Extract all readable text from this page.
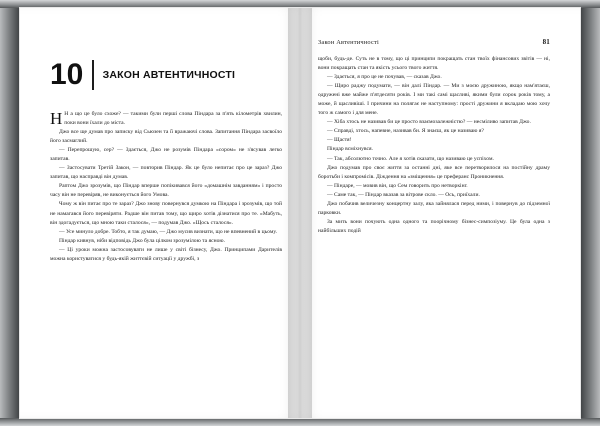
10	ЗАКОН АВТЕНТИЧНОСТІ

Н Н а що це було схоже? — такими були перші слова Піндара за п'ять кілометрів хвилин, поки вони їхали до міста.

Джо все ще думав про записку від Сьюзен та її вражаючі слова. Запитання Піндара засвоїло його засмаглий.

— Перепрошую, сер? — Здається, Джо не розумів Піндара «сором» не з'ясував легко запитав.

— Застосувати Третій Закон, — повторив Піндар. Як це було непитає про це зараз? Джо запитав, що насправді він думав.

Раптом Джо зрозумів, що Піндар вперше попікивався його «домашнім завданням» і просто часу він не перевіряв, не виконується його Умова.

Чому ж він питає про те зараз? Джо знову повернувся думкою на Піндара і зрозумів, що той не намагався його перевіряти. Радше він питав тому, що щиро хотів дізнатися про те. «Мабуть, він здогадується, що мною таки сталося», — подумав Джо. «Щось сталося».

— Усе минуло добре. Тобто, я так думаю, — Джо мусив визнати, що не впевнений в цьому.

Піндар кивнув, ніби відповідь Джо була цілком зрозумілою та ясною.

— Ці уроки можна застосовувати не лише у світі бізнесу, Джо. Принципами Дарителів можна користуватися у будь-якій життєвій ситуації у дружбі, з

Закон Автентичності	81

щоби, будь-де. Суть не в тому, що ці принципи покращать стан твоїх фінансових звітів — ні, вони покращать стан та якість усього твого життя.

— Здається, я про це не почував, — сказав Джо.

— Щиро раджу подумати, — він далі Піндар. — Ми з моєю дружиною, якщо нам'ятаєш, одружені вже майже п'ятдесяти років. І ми такі самі щасливі, якими були сорок років тому, а може, й щасливіші. І причини на полягає не наступному: прості дружини я вкладаю мою хочу того ж самого і для мене.

— Хіба хтось не називав би це просто взаємозалежністю? — несміливо запитав Джо.

— Справді, хтось, напевне, називав би. Я знаєш, як це називаю я?

— Щастя!

Піндар всміхнувся.

— Так, абсолютно точно. Але я хотів сказати, що називаю це успіхом.

Джо подумав про своє життя за останні дні, яке все перетворилося на постійну драму боротьби і компромісів. Діждення на «зміщення» це преферанс Проникнення.

— Піндаре, — мовив він, що Сем говорить про нетворкінг.

— Саме так, — Піндар вказав за вітрове скло. — Ось, приїхали.

Джо побачив величезну концертну залу, яка зайнялася перед ними, і повернув до підземної парковки.

За мить вони почують одна одного та поорічному бізнес-симпозіуму. Це була одна з найбільших подій
